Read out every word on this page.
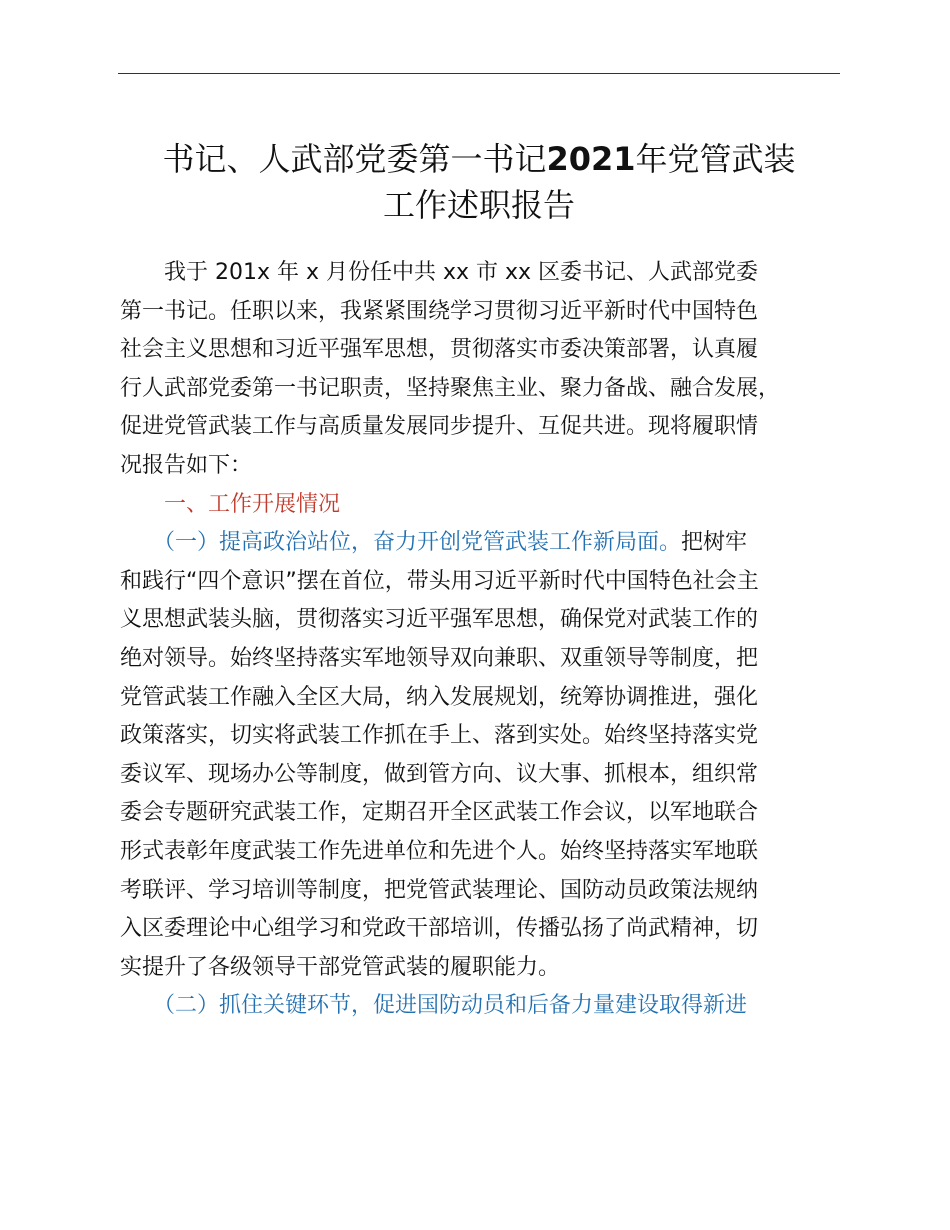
书记、人武部党委第一书记2021年党管武装
工作述职报告
　　我于 201x 年 x 月份任中共 xx 市 xx 区委书记、人武部党委
第一书记。任职以来，我紧紧围绕学习贯彻习近平新时代中国特色
社会主义思想和习近平强军思想，贯彻落实市委决策部署，认真履
行人武部党委第一书记职责，坚持聚焦主业、聚力备战、融合发展，
促进党管武装工作与高质量发展同步提升、互促共进。现将履职情
况报告如下：
　　一、工作开展情况
　　（一）提高政治站位，奋力开创党管武装工作新局面。把树牢
和践行“四个意识”摆在首位，带头用习近平新时代中国特色社会主
义思想武装头脑，贯彻落实习近平强军思想，确保党对武装工作的
绝对领导。始终坚持落实军地领导双向兼职、双重领导等制度，把
党管武装工作融入全区大局，纳入发展规划，统筹协调推进，强化
政策落实，切实将武装工作抓在手上、落到实处。始终坚持落实党
委议军、现场办公等制度，做到管方向、议大事、抓根本，组织常
委会专题研究武装工作，定期召开全区武装工作会议，以军地联合
形式表彰年度武装工作先进单位和先进个人。始终坚持落实军地联
考联评、学习培训等制度，把党管武装理论、国防动员政策法规纳
入区委理论中心组学习和党政干部培训，传播弘扬了尚武精神，切
实提升了各级领导干部党管武装的履职能力。
　　（二）抓住关键环节，促进国防动员和后备力量建设取得新进
